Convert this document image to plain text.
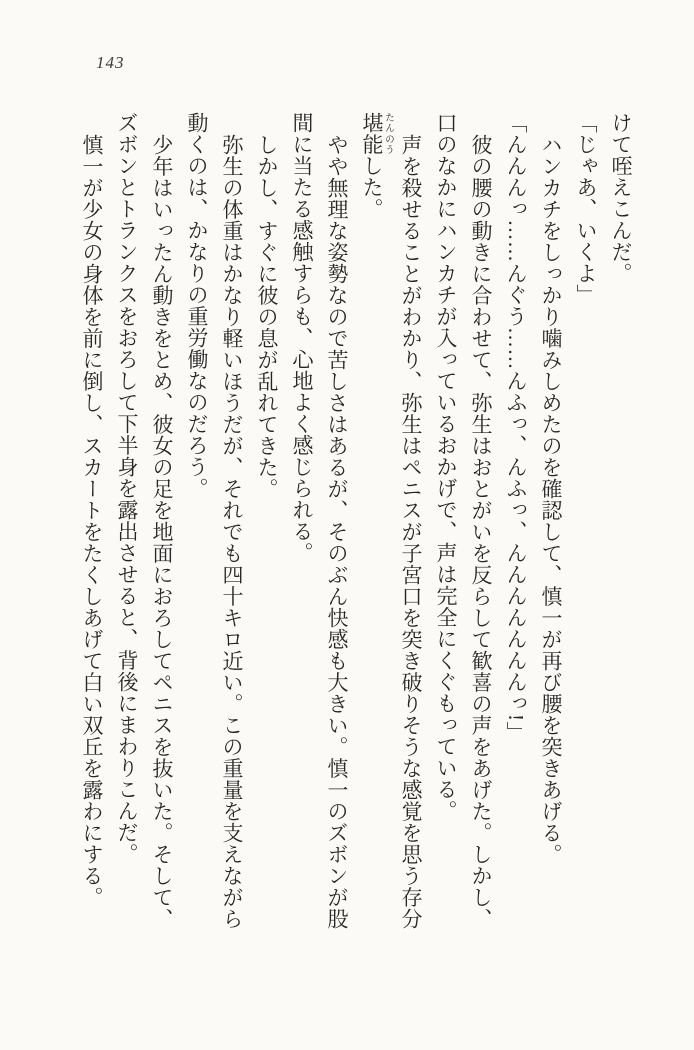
143

けて咥えこんだ。

「じゃあ、いくよ」

ハンカチをしっかり噛みしめたのを確認して、慎一が再び腰を突きあげる。

「んんんっ……んぐう……んふっ、んふっ、んんんんんんんっ!」

彼の腰の動きに合わせて、弥生はおとがいを反らして歓喜の声をあげた。しかし、

口のなかにハンカチが入っているおかげで、声は完全にくぐもっている。

声を殺せることがわかり、弥生はペニスが子宮口を突き破りそうな感覚を思う存分

堪能 たんのうした。

やや無理な姿勢なので苦しさはあるが、そのぶん快感も大きい。慎一のズボンが股

間に当たる感触すらも、心地よく感じられる。

しかし、すぐに彼の息が乱れてきた。

弥生の体重はかなり軽いほうだが、それでも四十キロ近い。この重量を支えながら

動くのは、かなりの重労働なのだろう。

少年はいったん動きをとめ、彼女の足を地面におろしてペニスを抜いた。そして、

ズボンとトランクスをおろして下半身を露出させると、背後にまわりこんだ。

慎一が少女の身体を前に倒し、スカートをたくしあげて白い双丘を露わにする。
